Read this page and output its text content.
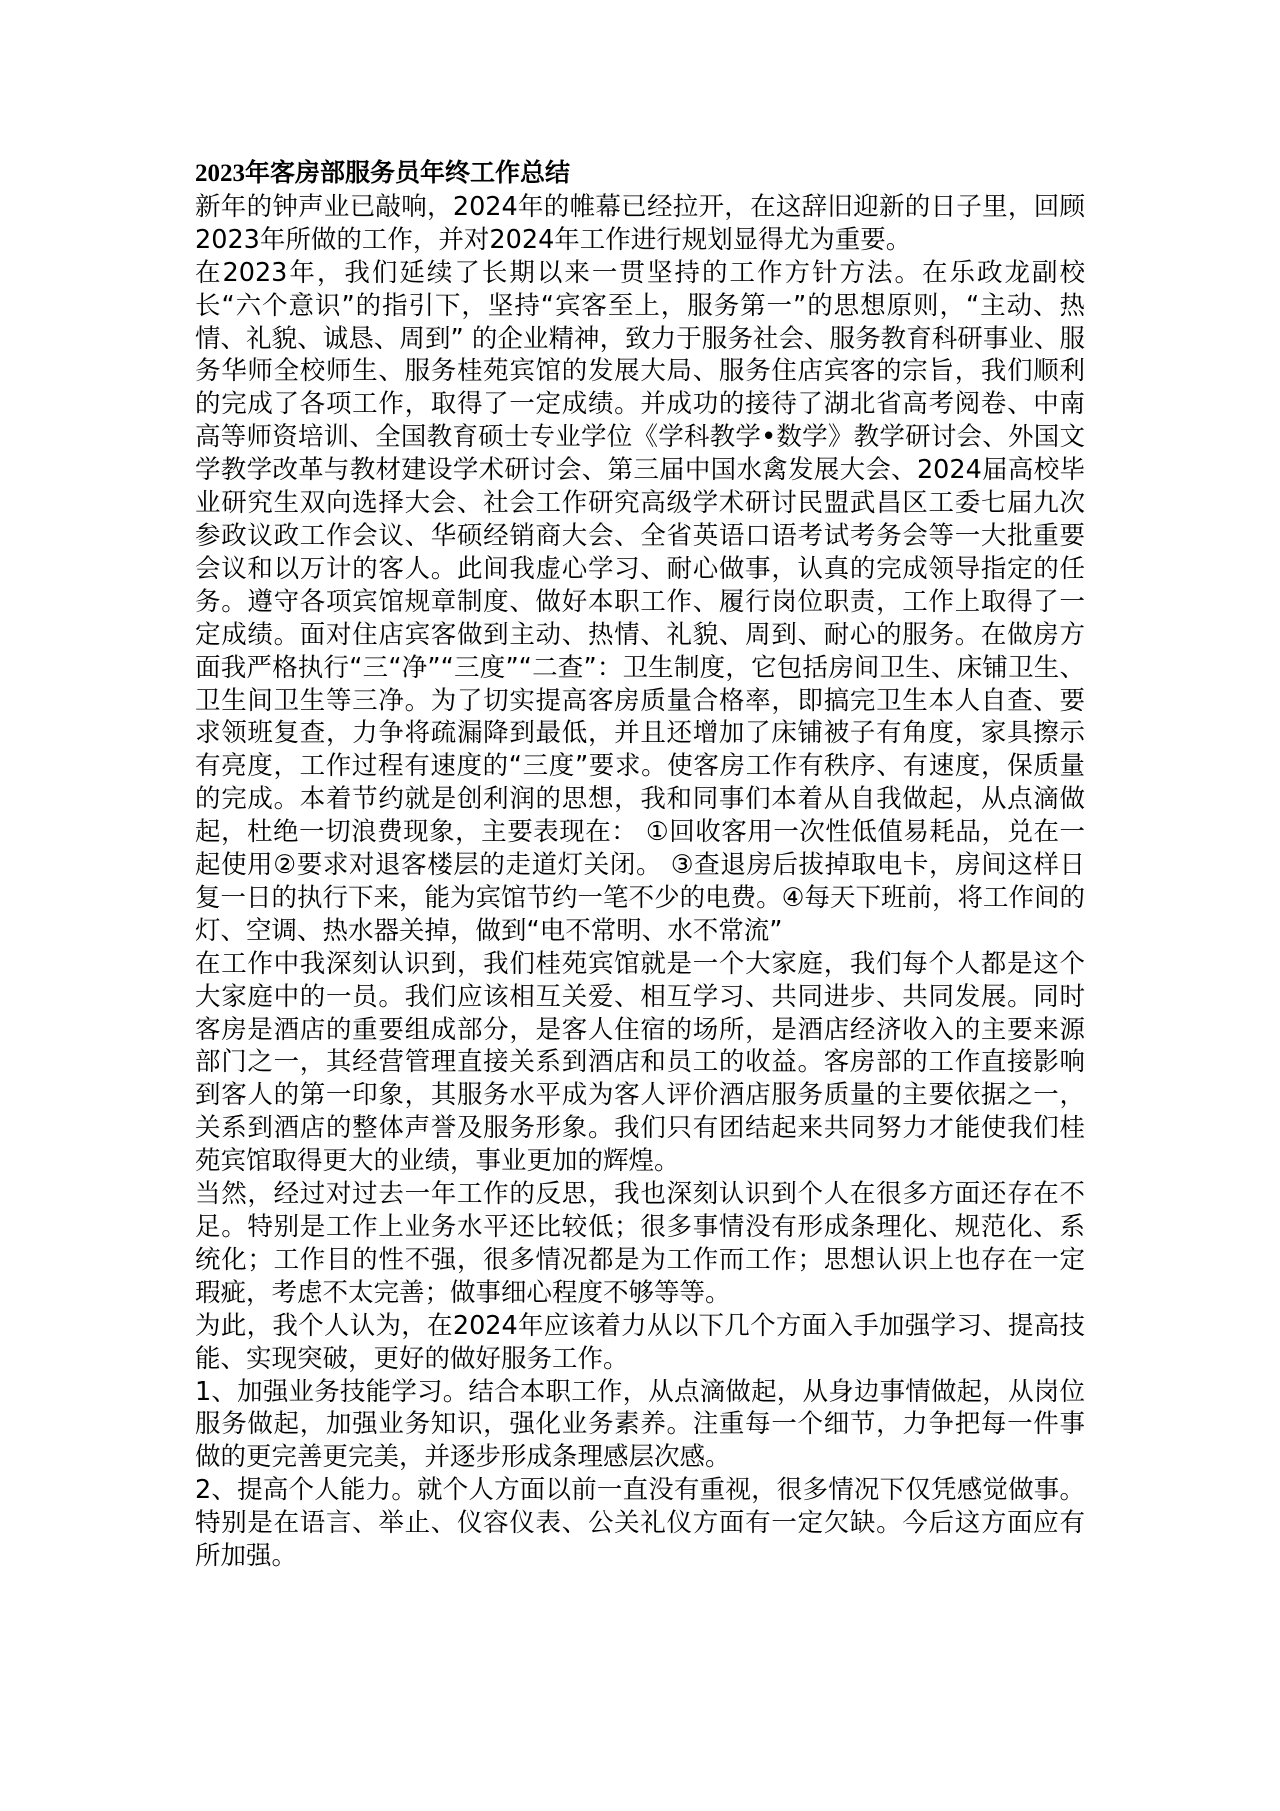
2023年客房部服务员年终工作总结

新年的钟声业已敲响，2024年的帷幕已经拉开，在这辞旧迎新的日子里，回顾2023年所做的工作，并对2024年工作进行规划显得尤为重要。

在2023年，我们延续了长期以来一贯坚持的工作方针方法。在乐政龙副校长“六个意识”的指引下，坚持“宾客至上，服务第一”的思想原则，“主动、热情、礼貌、诚恳、周到” 的企业精神，致力于服务社会、服务教育科研事业、服务华师全校师生、服务桂苑宾馆的发展大局、服务住店宾客的宗旨，我们顺利的完成了各项工作，取得了一定成绩。并成功的接待了湖北省高考阅卷、中南高等师资培训、全国教育硕士专业学位《学科教学•数学》教学研讨会、外国文学教学改革与教材建设学术研讨会、第三届中国水禽发展大会、2024届高校毕业研究生双向选择大会、社会工作研究高级学术研讨民盟武昌区工委七届九次参政议政工作会议、华硕经销商大会、全省英语口语考试考务会等一大批重要会议和以万计的客人。此间我虚心学习、耐心做事，认真的完成领导指定的任务。遵守各项宾馆规章制度、做好本职工作、履行岗位职责，工作上取得了一定成绩。面对住店宾客做到主动、热情、礼貌、周到、耐心的服务。在做房方面我严格执行“三“净”“三度”“二查”：卫生制度，它包括房间卫生、床铺卫生、卫生间卫生等三净。为了切实提高客房质量合格率，即搞完卫生本人自查、要求领班复查，力争将疏漏降到最低，并且还增加了床铺被子有角度，家具擦示有亮度，工作过程有速度的“三度”要求。使客房工作有秩序、有速度，保质量的完成。本着节约就是创利润的思想，我和同事们本着从自我做起，从点滴做起，杜绝一切浪费现象，主要表现在： ①回收客用一次性低值易耗品，兑在一起使用②要求对退客楼层的走道灯关闭。 ③查退房后拔掉取电卡，房间这样日复一日的执行下来，能为宾馆节约一笔不少的电费。④每天下班前，将工作间的灯、空调、热水器关掉，做到“电不常明、水不常流”

在工作中我深刻认识到，我们桂苑宾馆就是一个大家庭，我们每个人都是这个大家庭中的一员。我们应该相互关爱、相互学习、共同进步、共同发展。同时客房是酒店的重要组成部分，是客人住宿的场所，是酒店经济收入的主要来源部门之一，其经营管理直接关系到酒店和员工的收益。客房部的工作直接影响到客人的第一印象，其服务水平成为客人评价酒店服务质量的主要依据之一，关系到酒店的整体声誉及服务形象。我们只有团结起来共同努力才能使我们桂苑宾馆取得更大的业绩，事业更加的辉煌。

当然，经过对过去一年工作的反思，我也深刻认识到个人在很多方面还存在不足。特别是工作上业务水平还比较低；很多事情没有形成条理化、规范化、系统化；工作目的性不强，很多情况都是为工作而工作；思想认识上也存在一定瑕疵，考虑不太完善；做事细心程度不够等等。

为此，我个人认为，在2024年应该着力从以下几个方面入手加强学习、提高技能、实现突破，更好的做好服务工作。

1、加强业务技能学习。结合本职工作，从点滴做起，从身边事情做起，从岗位服务做起，加强业务知识，强化业务素养。注重每一个细节，力争把每一件事做的更完善更完美，并逐步形成条理感层次感。

2、提高个人能力。就个人方面以前一直没有重视，很多情况下仅凭感觉做事。特别是在语言、举止、仪容仪表、公关礼仪方面有一定欠缺。今后这方面应有所加强。
